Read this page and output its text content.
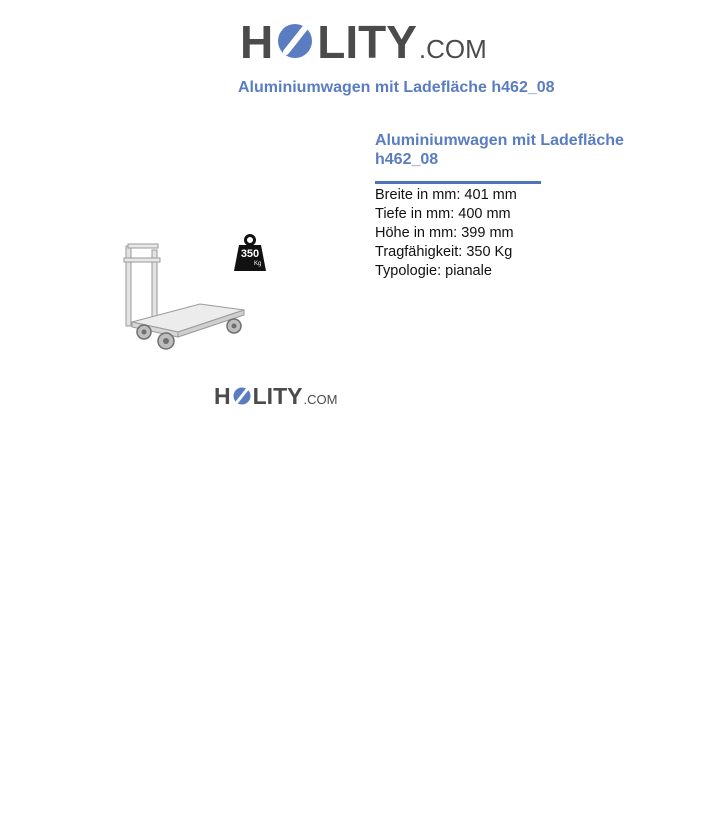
H LITY .COM
Aluminiumwagen mit Ladefläche h462_08
350
Kg
H LITY .COM
Aluminiumwagen mit Ladefläche h462_08
Breite in mm: 401 mm
Tiefe in mm: 400 mm
Höhe in mm: 399 mm
Tragfähigkeit: 350 Kg
Typologie: pianale
